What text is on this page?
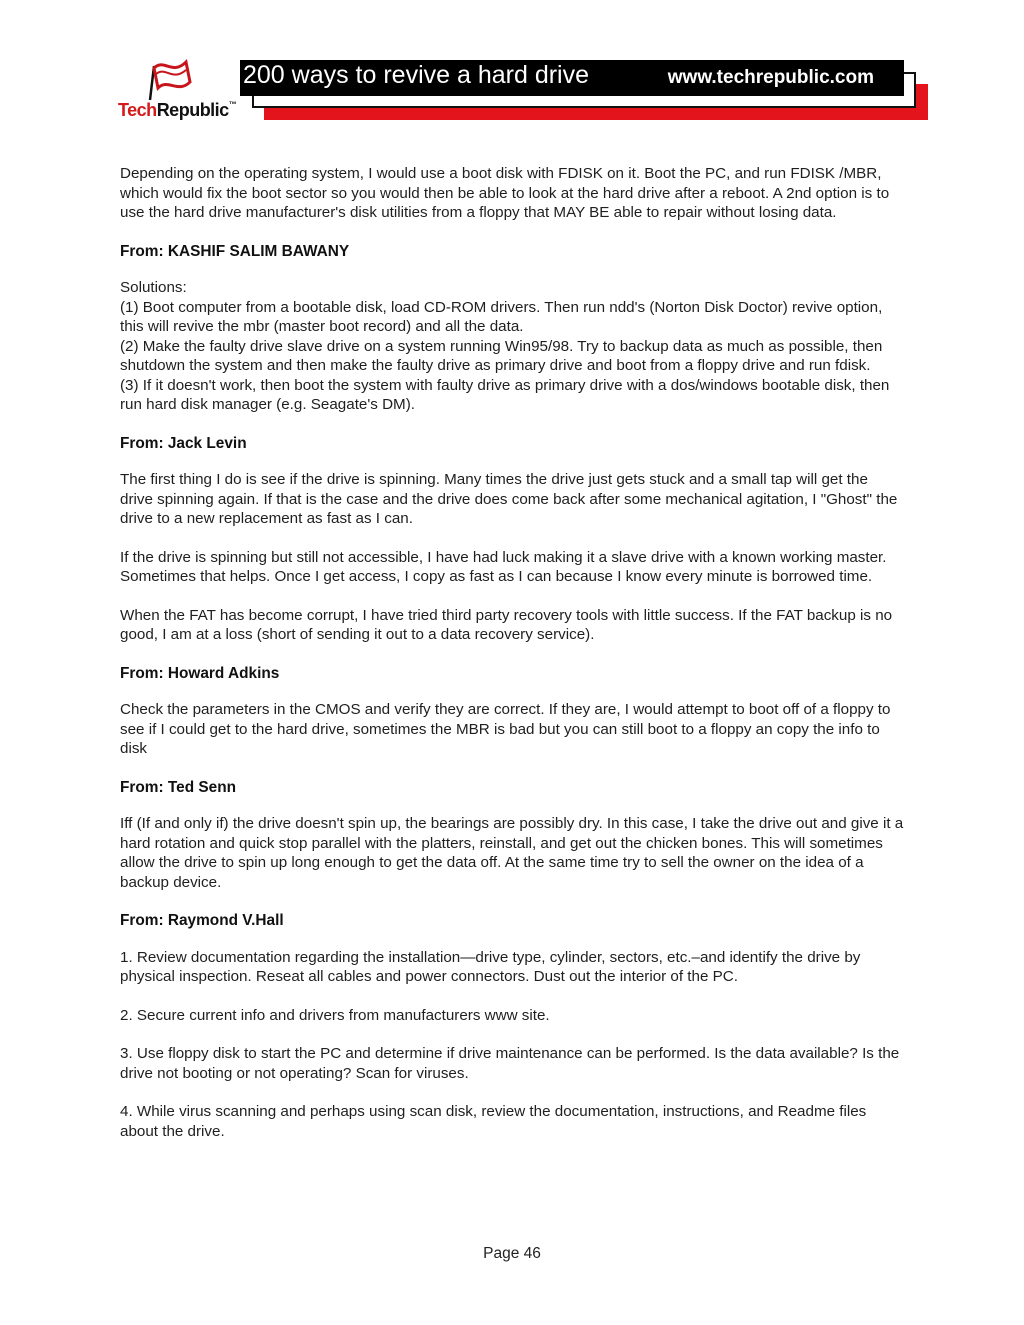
TechRepublic™
200 ways to revive a hard drive	www.techrepublic.com

Depending on the operating system, I would use a boot disk with FDISK on it. Boot the PC, and run FDISK /MBR, which would fix the boot sector so you would then be able to look at the hard drive after a reboot. A 2nd option is to use the hard drive manufacturer's disk utilities from a floppy that MAY BE able to repair without losing data.

From: KASHIF SALIM BAWANY

Solutions:

(1) Boot computer from a bootable disk, load CD-ROM drivers. Then run ndd's (Norton Disk Doctor) revive option, this will revive the mbr (master boot record) and all the data.

(2) Make the faulty drive slave drive on a system running Win95/98. Try to backup data as much as possible, then shutdown the system and then make the faulty drive as primary drive and boot from a floppy drive and run fdisk.

(3) If it doesn't work, then boot the system with faulty drive as primary drive with a dos/windows bootable disk, then run hard disk manager (e.g. Seagate's DM).

From: Jack Levin

The first thing I do is see if the drive is spinning. Many times the drive just gets stuck and a small tap will get the drive spinning again. If that is the case and the drive does come back after some mechanical agitation, I "Ghost" the drive to a new replacement as fast as I can.

If the drive is spinning but still not accessible, I have had luck making it a slave drive with a known working master. Sometimes that helps. Once I get access, I copy as fast as I can because I know every minute is borrowed time.

When the FAT has become corrupt, I have tried third party recovery tools with little success. If the FAT backup is no good, I am at a loss (short of sending it out to a data recovery service).

From: Howard Adkins

Check the parameters in the CMOS and verify they are correct. If they are, I would attempt to boot off of a floppy to see if I could get to the hard drive, sometimes the MBR is bad but you can still boot to a floppy an copy the info to disk

From: Ted Senn

Iff (If and only if) the drive doesn't spin up, the bearings are possibly dry. In this case, I take the drive out and give it a hard rotation and quick stop parallel with the platters, reinstall, and get out the chicken bones. This will sometimes allow the drive to spin up long enough to get the data off. At the same time try to sell the owner on the idea of a backup device.

From: Raymond V.Hall

1. Review documentation regarding the installation—drive type, cylinder, sectors, etc.–and identify the drive by physical inspection. Reseat all cables and power connectors. Dust out the interior of the PC.

2. Secure current info and drivers from manufacturers www site.

3. Use floppy disk to start the PC and determine if drive maintenance can be performed. Is the data available? Is the drive not booting or not operating? Scan for viruses.

4. While virus scanning and perhaps using scan disk, review the documentation, instructions, and Readme files about the drive.

Page 46
